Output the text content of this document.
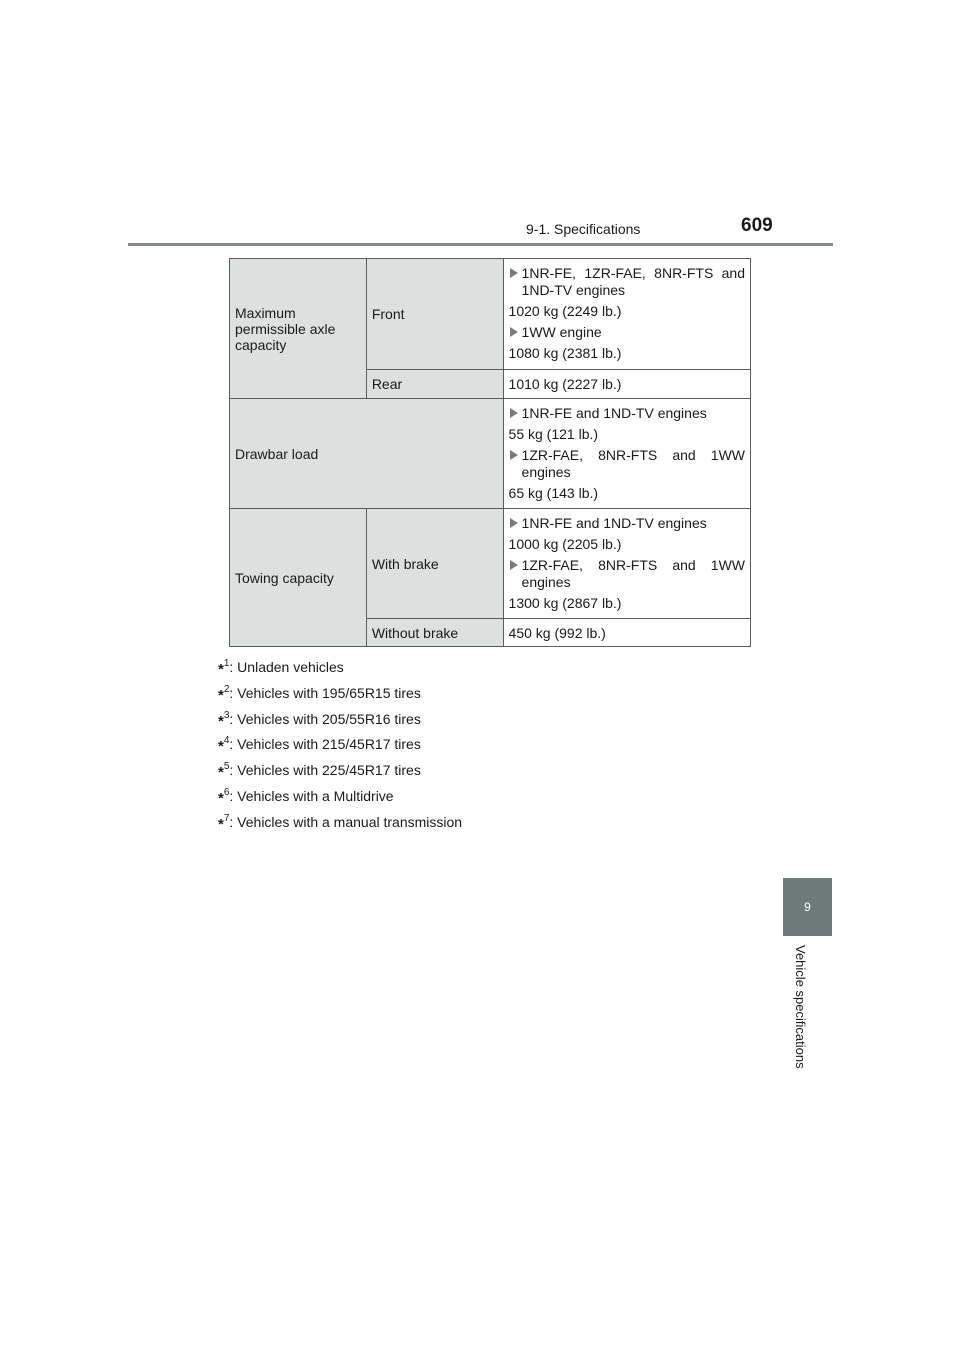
9-1. Specifications	609
9
Vehicle specifications
Maximum permissible axle capacity	Front	1NR-FE, 1ZR-FAE, 8NR-FTS and 1ND-TV engines
1020 kg (2249 lb.)
1WW engine
1080 kg (2381 lb.)

	Rear	1010 kg (2227 lb.)
Drawbar load		1NR-FE and 1ND-TV engines
55 kg (121 lb.)
1ZR-FAE, 8NR-FTS and 1WW engines
65 kg (143 lb.)

Towing capacity	With brake	1NR-FE and 1ND-TV engines
1000 kg (2205 lb.)
1ZR-FAE, 8NR-FTS and 1WW engines
1300 kg (2867 lb.)

	Without brake	450 kg (992 lb.)
*$^1$: Unladen vehicles
*$^2$: Vehicles with 195/65R15 tires
*$^3$: Vehicles with 205/55R16 tires
*$^4$: Vehicles with 215/45R17 tires
*$^5$: Vehicles with 225/45R17 tires
*$^6$: Vehicles with a Multidrive
*$^7$: Vehicles with a manual transmission
